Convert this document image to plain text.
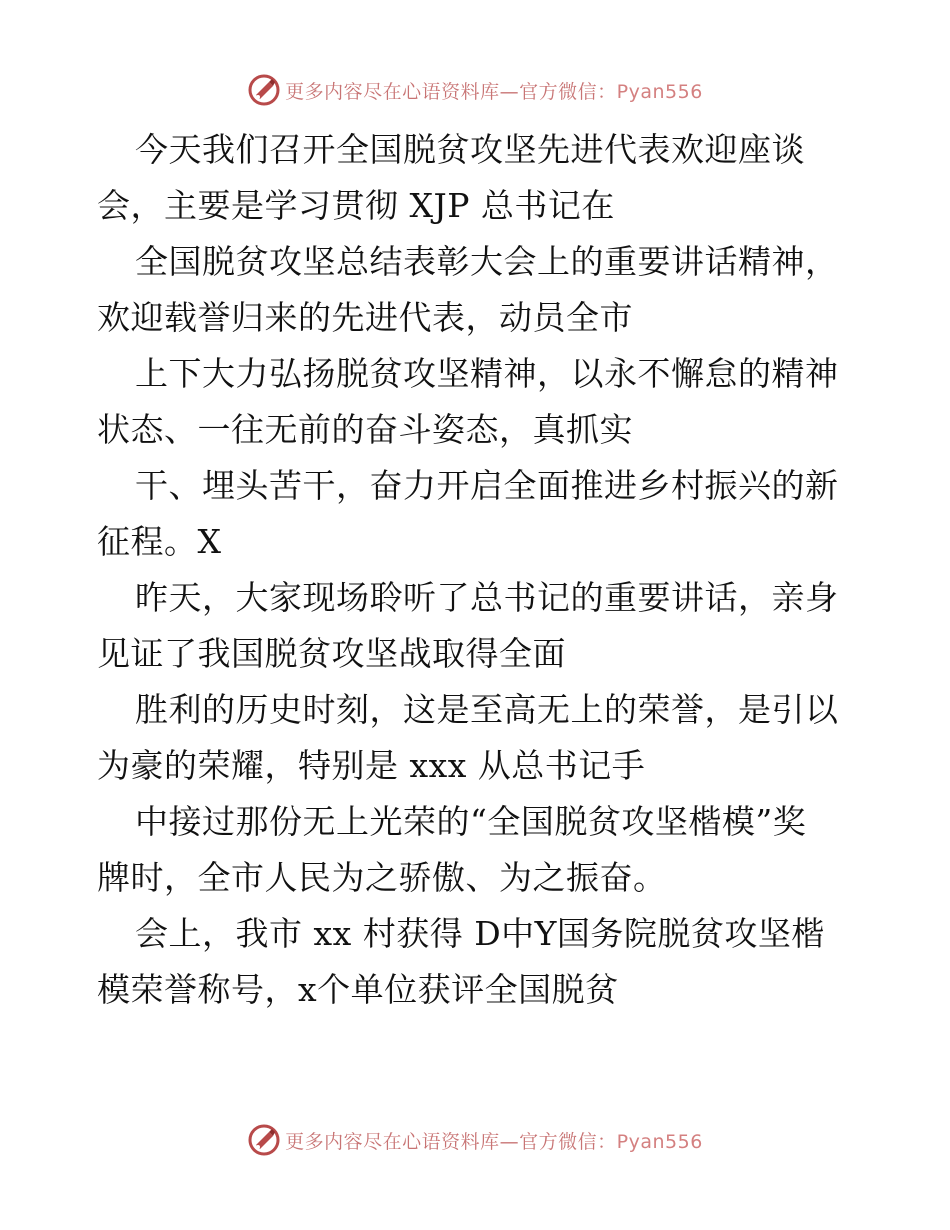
更多内容尽在心语资料库—官方微信：Pyan556

今天我们召开全国脱贫攻坚先进代表欢迎座谈

会，主要是学习贯彻 XJP 总书记在

全国脱贫攻坚总结表彰大会上的重要讲话精神，

欢迎载誉归来的先进代表，动员全市

上下大力弘扬脱贫攻坚精神，以永不懈怠的精神

状态、一往无前的奋斗姿态，真抓实

干、埋头苦干，奋力开启全面推进乡村振兴的新

征程。X

昨天，大家现场聆听了总书记的重要讲话，亲身

见证了我国脱贫攻坚战取得全面

胜利的历史时刻，这是至高无上的荣誉，是引以

为豪的荣耀，特别是 xxx 从总书记手

中接过那份无上光荣的“全国脱贫攻坚楷模”奖

牌时，全市人民为之骄傲、为之振奋。

会上，我市 xx 村获得 D中Y国务院脱贫攻坚楷

模荣誉称号，x个单位获评全国脱贫

更多内容尽在心语资料库—官方微信：Pyan556
